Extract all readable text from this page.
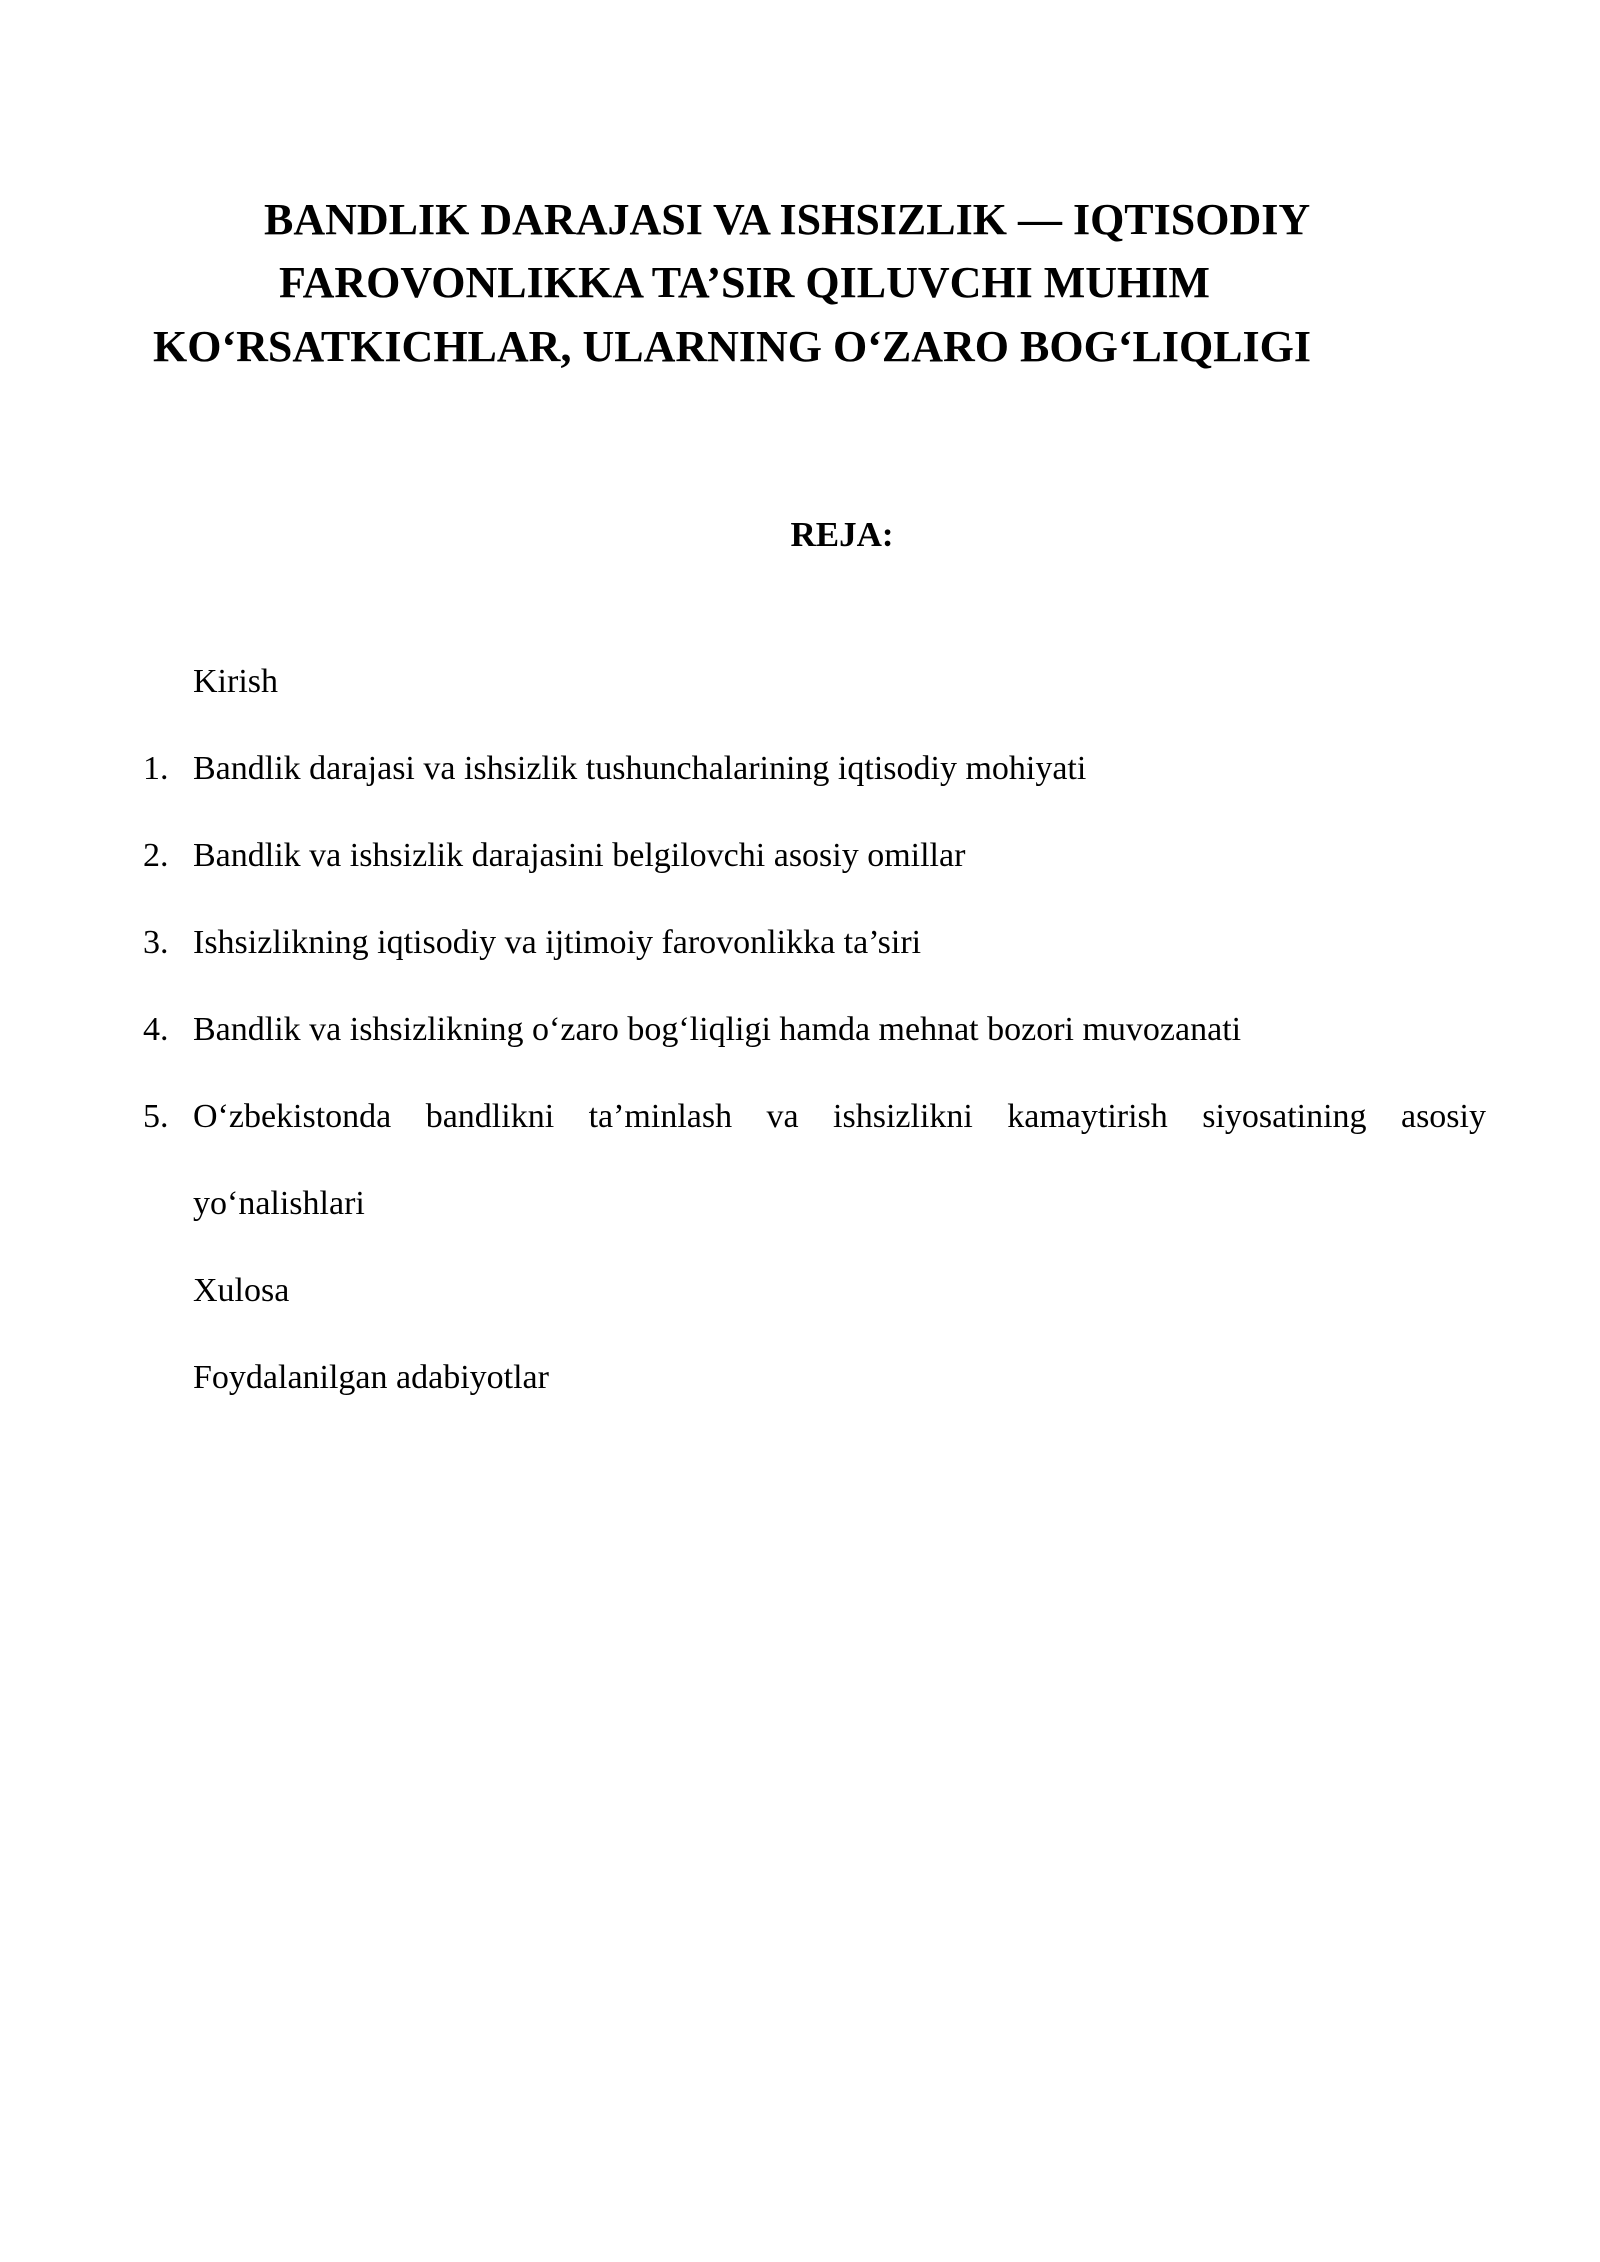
BANDLIK DARAJASI VA ISHSIZLIK — IQTISODIY
FAROVONLIKKA TA’SIR QILUVCHI MUHIM
KO‘RSATKICHLAR, ULARNING O‘ZARO BOG‘LIQLIGI
REJA:
Kirish
1. Bandlik darajasi va ishsizlik tushunchalarining iqtisodiy mohiyati
2. Bandlik va ishsizlik darajasini belgilovchi asosiy omillar
3. Ishsizlikning iqtisodiy va ijtimoiy farovonlikka ta’siri
4. Bandlik va ishsizlikning o‘zaro bog‘liqligi hamda mehnat bozori muvozanati
5. O‘zbekistonda bandlikni ta’minlash va ishsizlikni kamaytirish siyosatining asosiy
yo‘nalishlari
Xulosa
Foydalanilgan adabiyotlar
